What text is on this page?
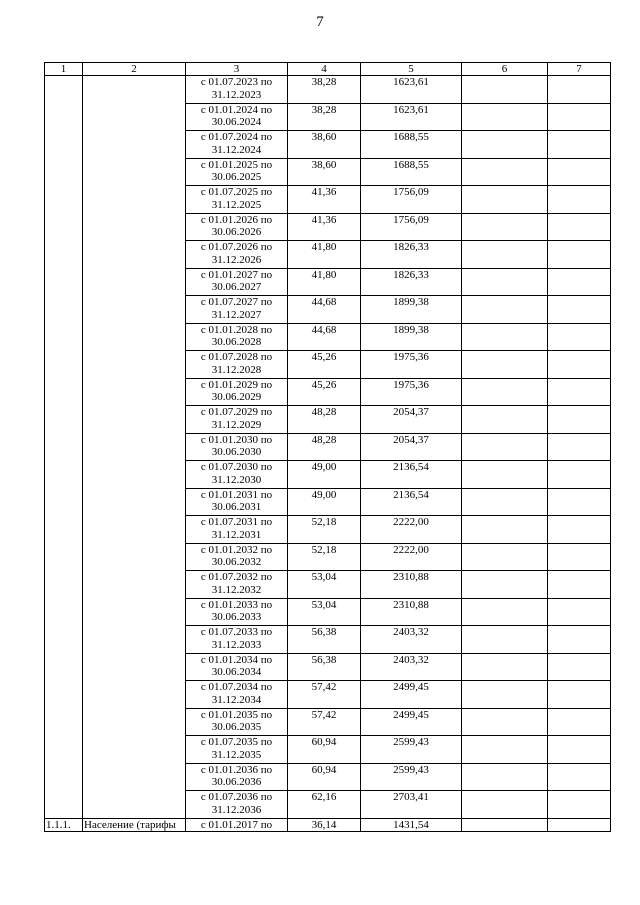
7
1	2	3	4	5	6	7

		с 01.07.2023 по
31.12.2023	38,28	1623,61		

		с 01.01.2024 по
30.06.2024	38,28	1623,61		

		с 01.07.2024 по
31.12.2024	38,60	1688,55		

		с 01.01.2025 по
30.06.2025	38,60	1688,55		

		с 01.07.2025 по
31.12.2025	41,36	1756,09		

		с 01.01.2026 по
30.06.2026	41,36	1756,09		

		с 01.07.2026 по
31.12.2026	41,80	1826,33		

		с 01.01.2027 по
30.06.2027	41,80	1826,33		

		с 01.07.2027 по
31.12.2027	44,68	1899,38		

		с 01.01.2028 по
30.06.2028	44,68	1899,38		

		с 01.07.2028 по
31.12.2028	45,26	1975,36		

		с 01.01.2029 по
30.06.2029	45,26	1975,36		

		с 01.07.2029 по
31.12.2029	48,28	2054,37		

		с 01.01.2030 по
30.06.2030	48,28	2054,37		

		с 01.07.2030 по
31.12.2030	49,00	2136,54		

		с 01.01.2031 по
30.06.2031	49,00	2136,54		

		с 01.07.2031 по
31.12.2031	52,18	2222,00		

		с 01.01.2032 по
30.06.2032	52,18	2222,00		

		с 01.07.2032 по
31.12.2032	53,04	2310,88		

		с 01.01.2033 по
30.06.2033	53,04	2310,88		

		с 01.07.2033 по
31.12.2033	56,38	2403,32		

		с 01.01.2034 по
30.06.2034	56,38	2403,32		

		с 01.07.2034 по
31.12.2034	57,42	2499,45		

		с 01.01.2035 по
30.06.2035	57,42	2499,45		

		с 01.07.2035 по
31.12.2035	60,94	2599,43		

		с 01.01.2036 по
30.06.2036	60,94	2599,43		

		с 01.07.2036 по
31.12.2036	62,16	2703,41		
1.1.1.	Население (тарифы	с 01.01.2017 по	36,14	1431,54		
